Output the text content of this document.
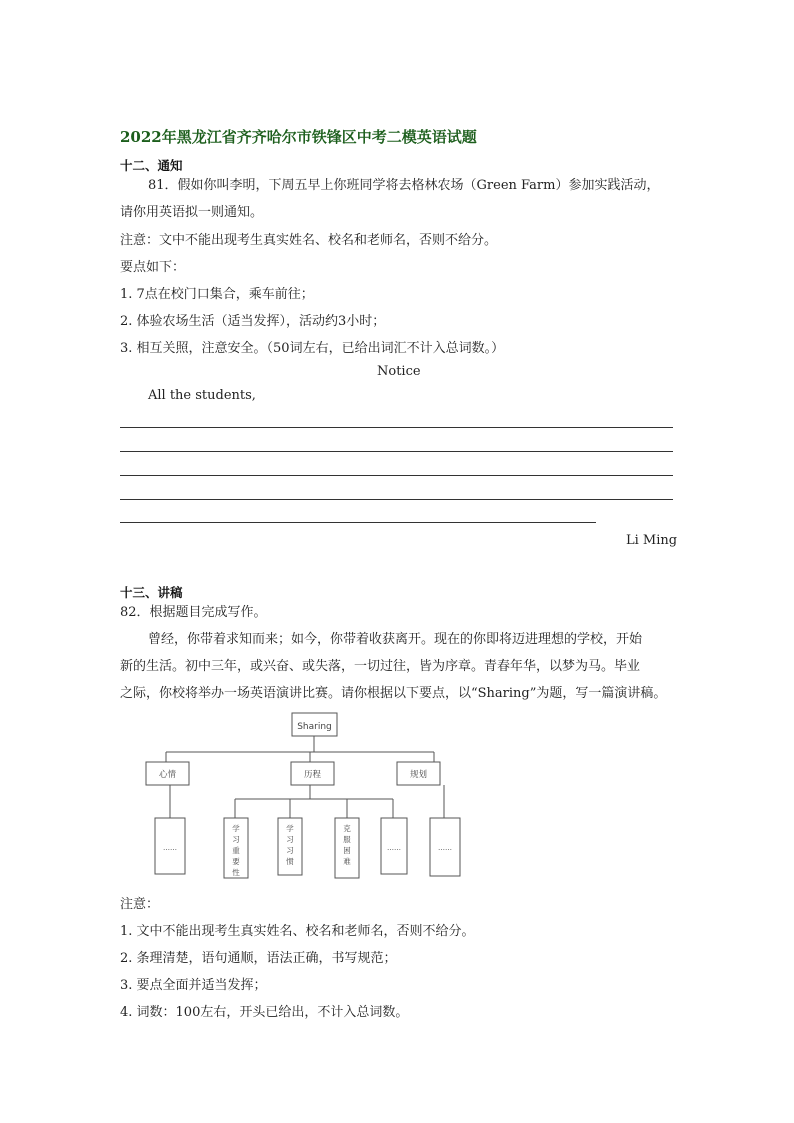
2022年黑龙江省齐齐哈尔市铁锋区中考二模英语试题
十二、通知
81．假如你叫李明，下周五早上你班同学将去格林农场（Green Farm）参加实践活动，
请你用英语拟一则通知。
注意：文中不能出现考生真实姓名、校名和老师名，否则不给分。
要点如下：
1. 7点在校门口集合，乘车前往；
2. 体验农场生活（适当发挥），活动约3小时；
3. 相互关照，注意安全。（50词左右，已给出词汇不计入总词数。）
Notice
All the students,
Li Ming
十三、讲稿
82．根据题目完成写作。
曾经，你带着求知而来；如今，你带着收获离开。现在的你即将迈进理想的学校，开始
新的生活。初中三年，或兴奋、或失落，一切过往，皆为序章。青春年华，以梦为马。毕业
之际，你校将举办一场英语演讲比赛。请你根据以下要点，以“Sharing”为题，写一篇演讲稿。
Sharing
心情	历程	规划
……	……	……
学
习
重
要
性
学
习
习
惯
克
服
困
难
注意：
1. 文中不能出现考生真实姓名、校名和老师名，否则不给分。
2. 条理清楚，语句通顺，语法正确，书写规范；
3. 要点全面并适当发挥；
4. 词数：100左右，开头已给出，不计入总词数。
